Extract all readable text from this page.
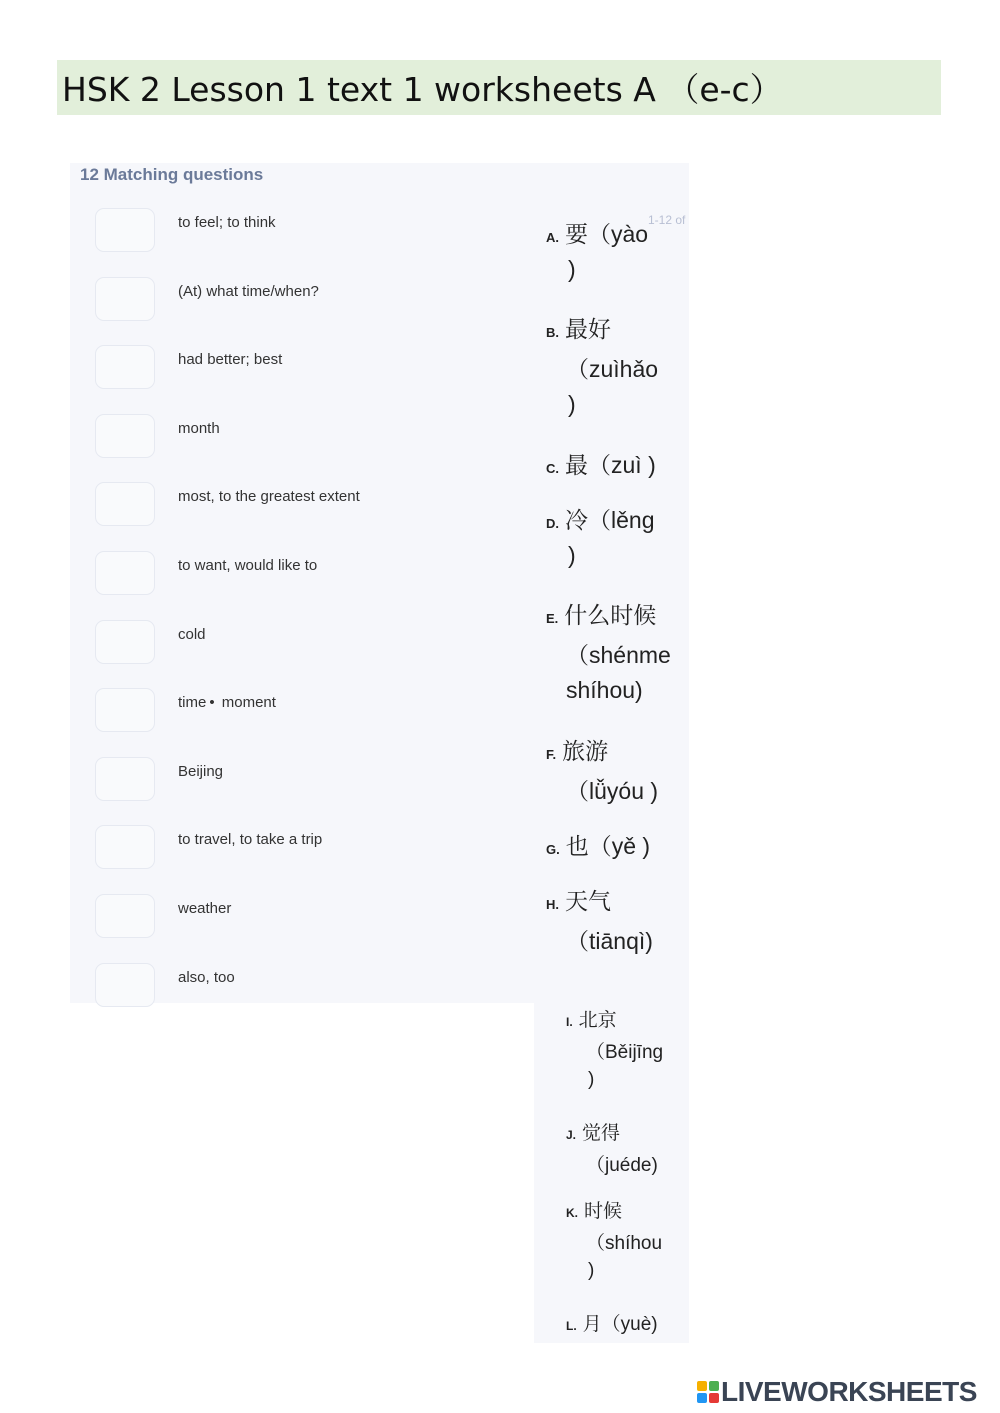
HSK 2 Lesson 1 text 1 worksheets A （e-c）
12 Matching questions
1-12 of
to feel; to think
(At) what time/when?
had better; best
month
most, to the greatest extent
to want, would like to
cold
time •  moment
Beijing
to travel, to take a trip
weather
also, too
A. 要（yào
)
B. 最好
（zuìhǎo
)
C. 最（zuì )
D. 冷（lěng
)
E. 什么时候
（shénme
shíhou)
F. 旅游
（lǚyóu )
G. 也（yě )
H. 天气
（tiānqì)
I. 北京
（Běijīng
)
J. 觉得
（juéde)
K. 时候
（shíhou
)
L. 月（yuè)
LIVEWORKSHEETS
